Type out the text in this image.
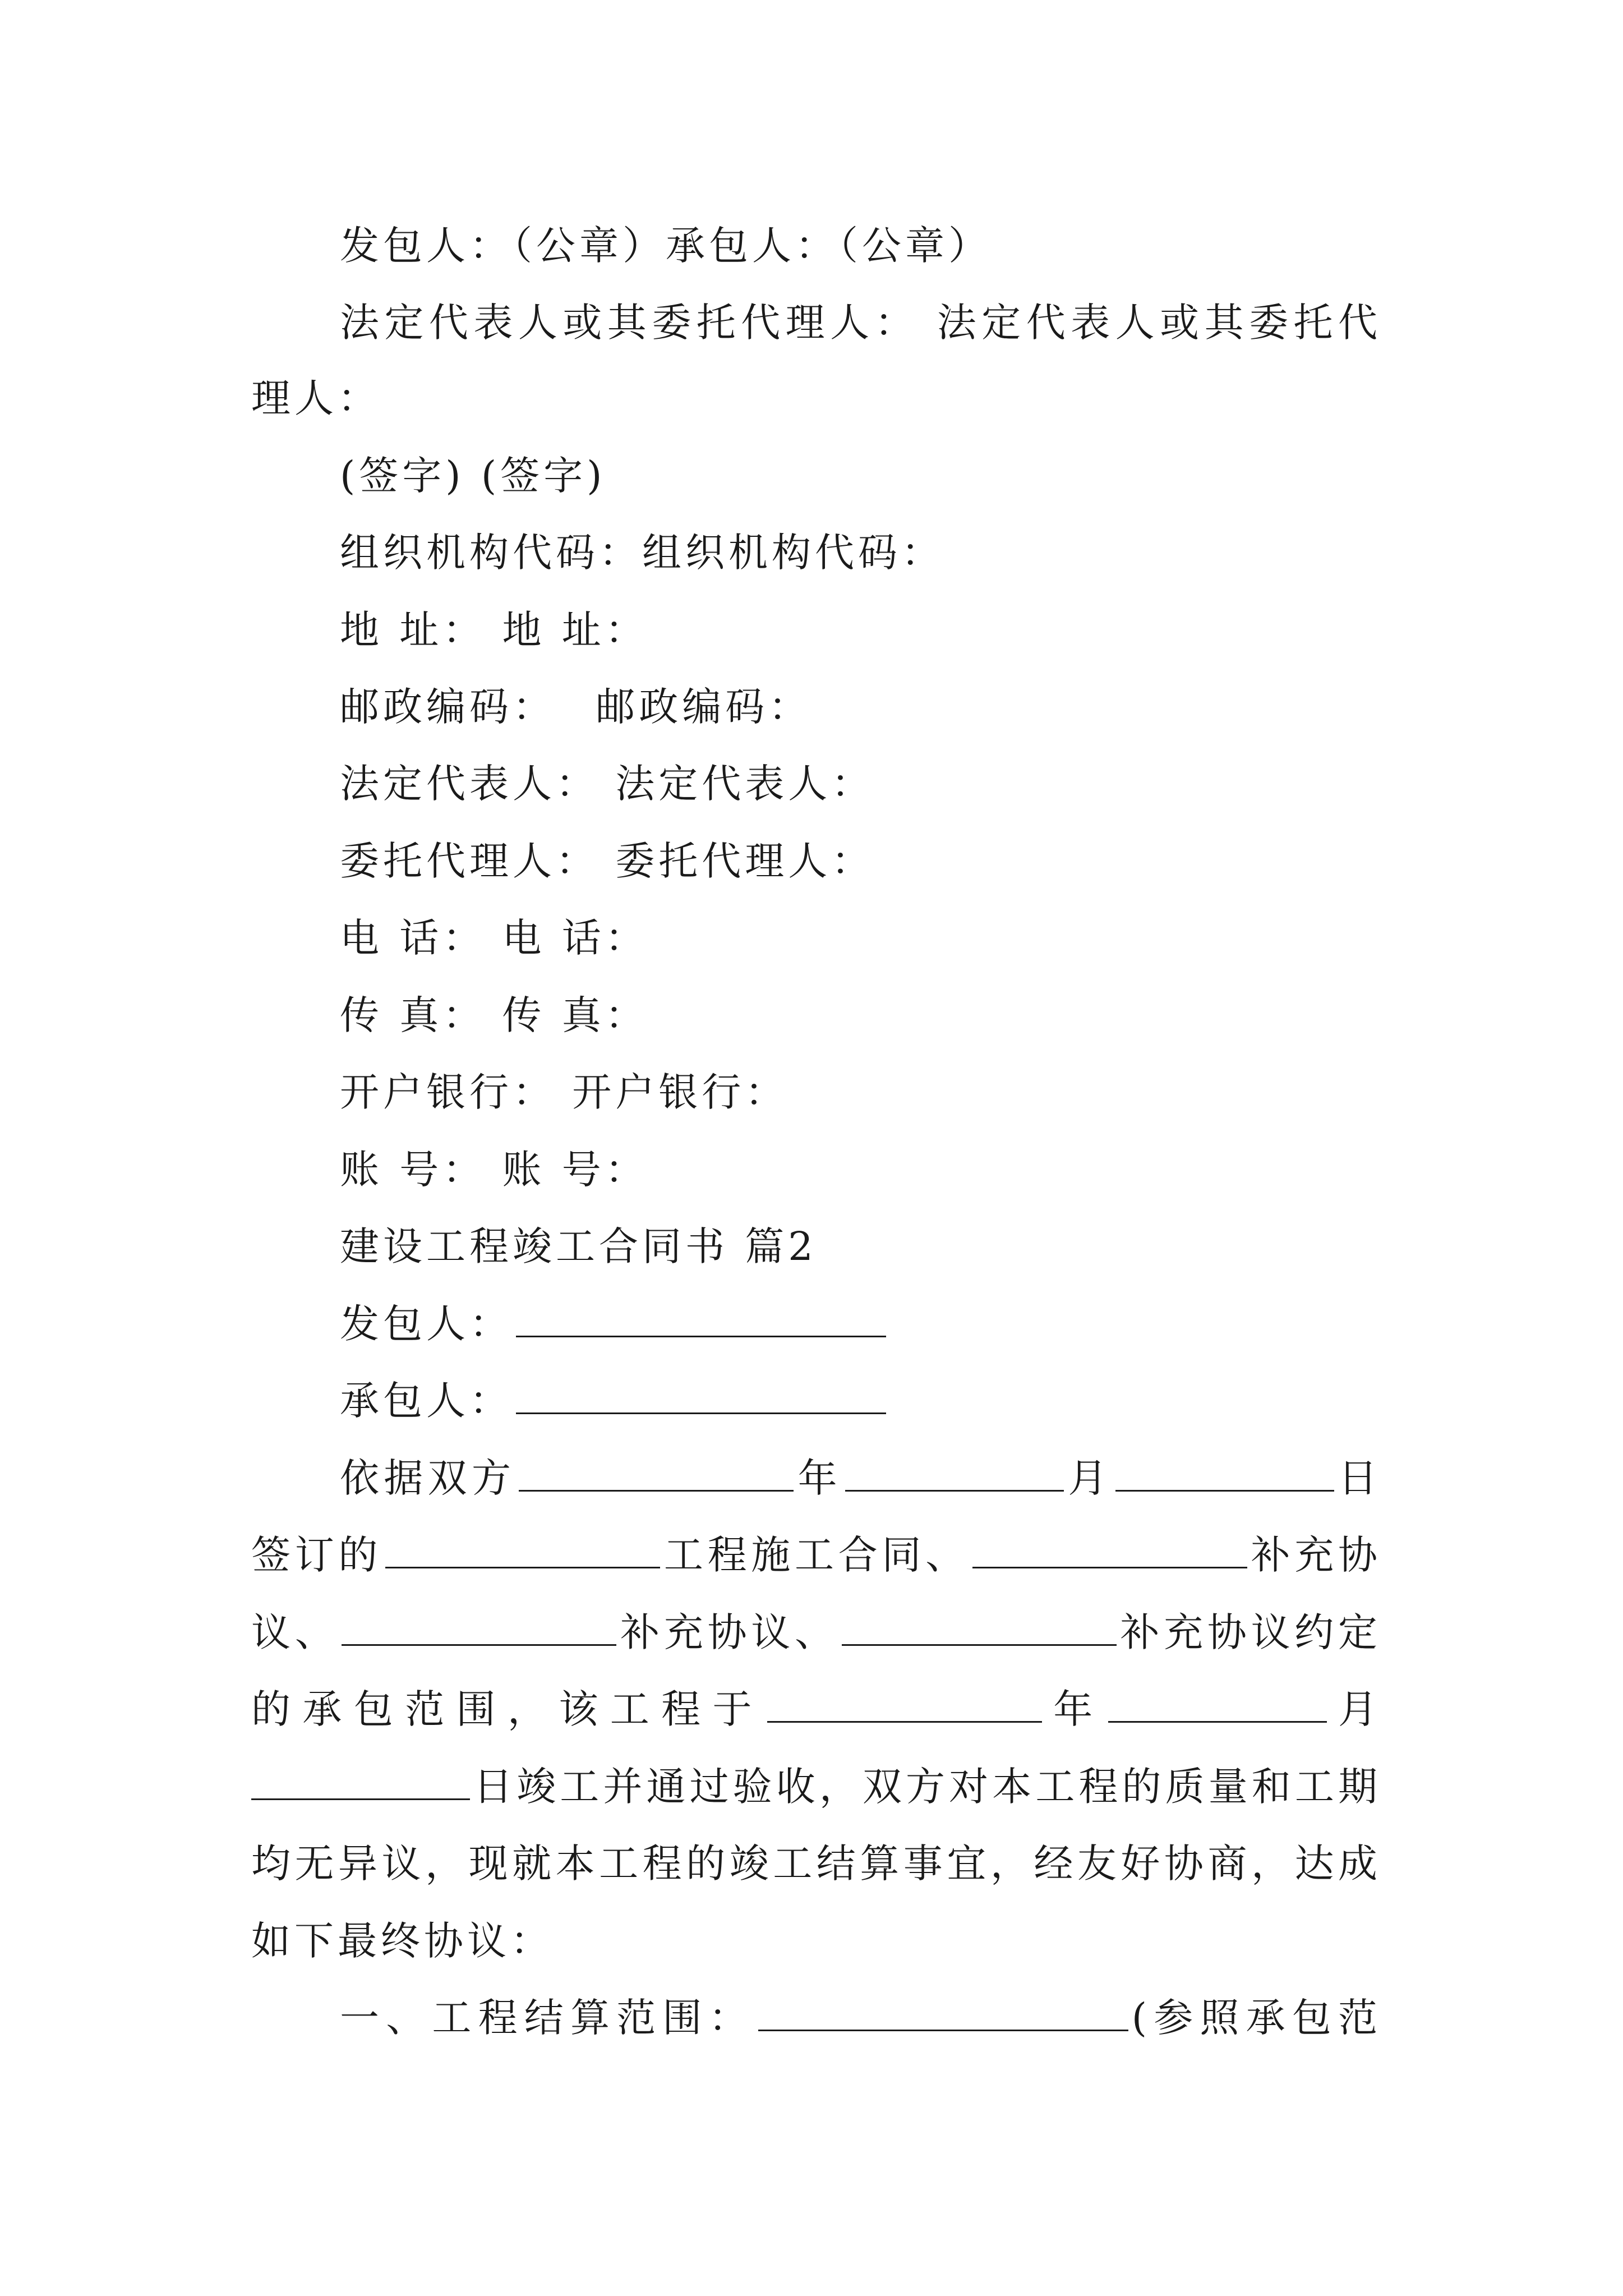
发包人：（公章）承包人：（公章）
法定代表人或其委托代理人： 法定代表人或其委托代
理人：
(签字) (签字)
组织机构代码：组织机构代码：
地 址： 地 址：
邮政编码：　 邮政编码：
法定代表人： 法定代表人：
委托代理人： 委托代理人：
电 话： 电 话：
传 真： 传 真：
开户银行： 开户银行：
账 号： 账 号：
建设工程竣工合同书 篇2
发包人：
承包人：
依据双方	年	月	日
签订的	工程施工合同、	补充协
议、	补充协议、	补充协议约定
的承包范围，该工程于	年	月
日竣工并通过验收，双方对本工程的质量和工期
均无异议，现就本工程的竣工结算事宜，经友好协商，达成
如下最终协议：
一、工程结算范围：	(参照承包范
